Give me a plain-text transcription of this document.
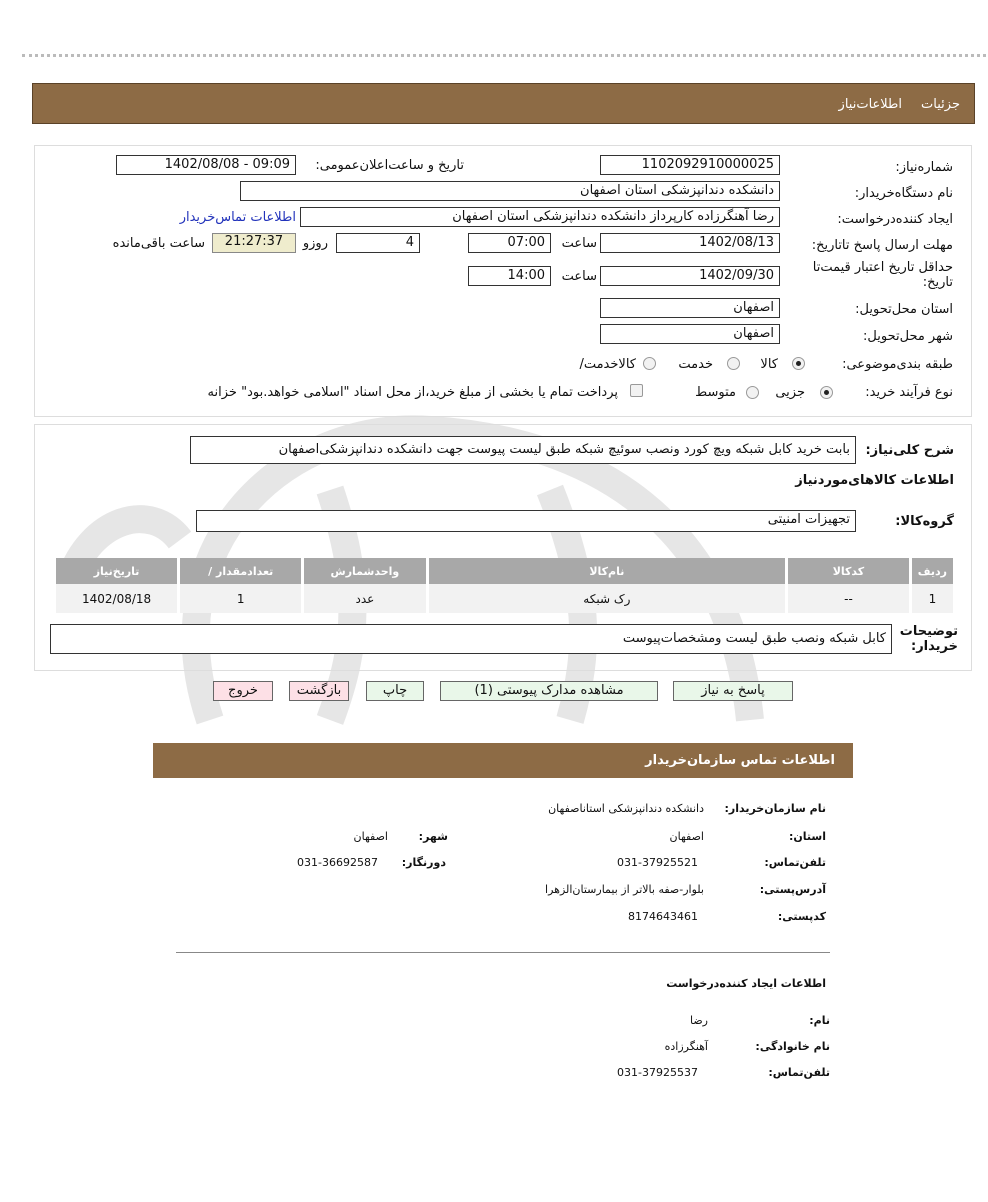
جزئیات
اطلاعات‌نیاز
شماره‌نیاز:
1102092910000025
تاریخ و ساعت‌اعلان‌عمومی:
1402/08/08 - 09:09
نام دستگاه‌خریدار:
دانشکده دندانپزشکی استان اصفهان
ایجاد کننده‌درخواست:
رضا آهنگرزاده کارپرداز دانشکده دندانپزشکی استان اصفهان
اطلاعات تماس‌خریدار
مهلت ارسال پاسخ تا‌تاریخ:
1402/08/13
ساعت
07:00
4
روزو
21:27:37
ساعت باقی‌مانده
حداقل تاریخ اعتبار قیمت‌تا تاریخ:
1402/09/30
ساعت
14:00
استان محل‌تحویل:
اصفهان
شهر محل‌تحویل:
اصفهان
طبقه بندی‌موضوعی:
کالا
خدمت
کالا‌خدمت/
نوع فرآیند خرید:
جزیی
متوسط
پرداخت تمام یا بخشی از مبلغ خرید،از محل اسناد "اسلامی خواهد.بود" خزانه
شرح کلی‌نیاز:
بابت خرید کابل شبکه ویچ کورد ونصب سوئیچ شبکه طبق لیست پیوست جهت دانشکده دندانپزشکی‌اصفهان
اطلاعات کالاهای‌موردنیاز
گروه‌کالا:
تجهیزات امنیتی
ردیف	کدکالا	نام‌کالا	واحدشمارش	تعدادمقدار /	تاریخ‌نیاز
1	--	رک شبکه	عدد	1	1402/08/18
توضیحات خریدار:
کابل شبکه ونصب طبق لیست ومشخصات‌پیوست
پاسخ به نیاز
مشاهده مدارک پیوستی (1)
چاپ
بازگشت
خروج
اطلاعات تماس سازمان‌خریدار
نام سازمان‌خریدار:
دانشکده دندانپزشکی استاناصفهان
استان:
اصفهان
شهر:
اصفهان
تلفن‌تماس:
031-37925521
دورنگار:
031-36692587
آدرس‌پستی:
بلوار-صفه بالاتر از بیمارستان‌الزهرا
کد‌پستی:
8174643461
اطلاعات ایجاد کننده‌درخواست
نام:
رضا
نام خانوادگی:
آهنگرزاده
تلفن‌تماس:
031-37925537
